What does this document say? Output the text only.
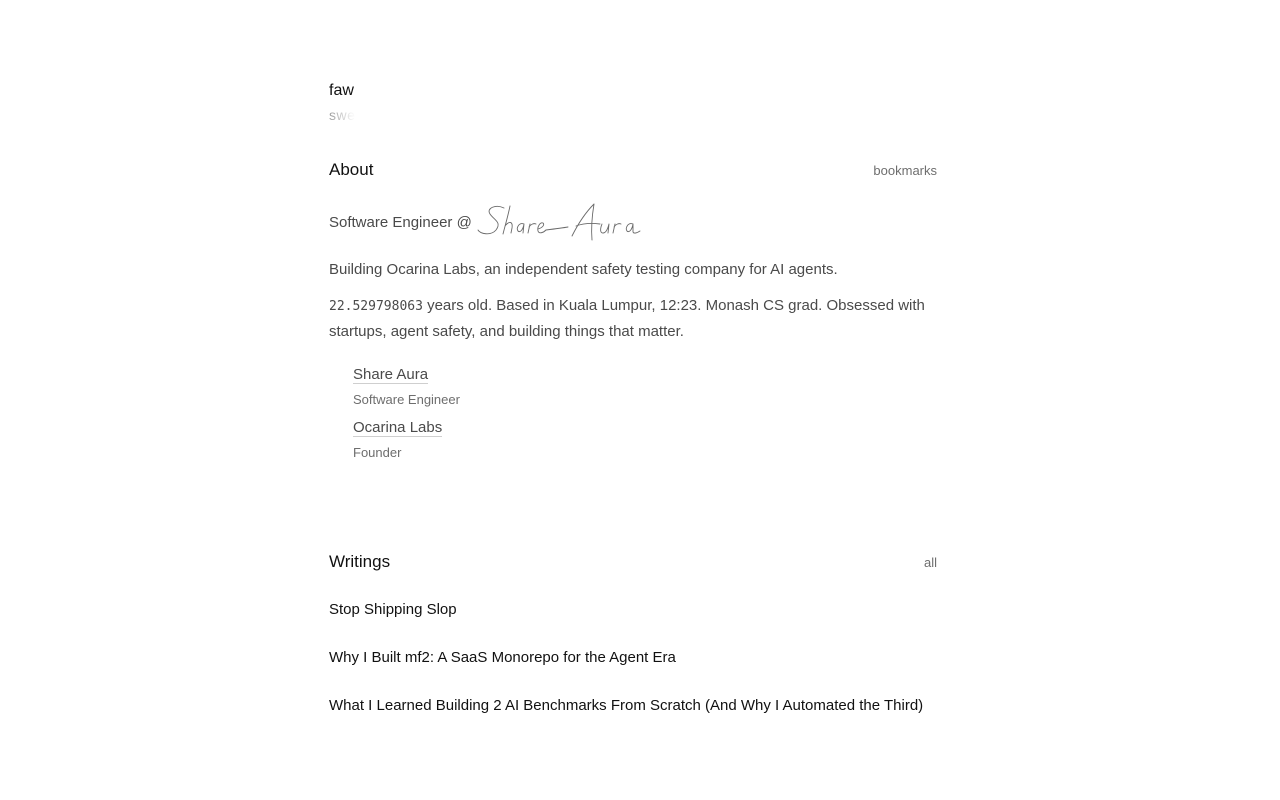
faw
swe
About	bookmarks
Software Engineer @

Building Ocarina Labs, an independent safety testing company for AI agents.

22.529798063 years old. Based in Kuala Lumpur, 12:23. Monash CS grad. Obsessed with startups, agent safety, and building things that matter.

Share Aura
Software Engineer
Ocarina Labs
Founder
Writings	all
Stop Shipping Slop
Why I Built mf2: A SaaS Monorepo for the Agent Era
What I Learned Building 2 AI Benchmarks From Scratch (And Why I Automated the Third)
